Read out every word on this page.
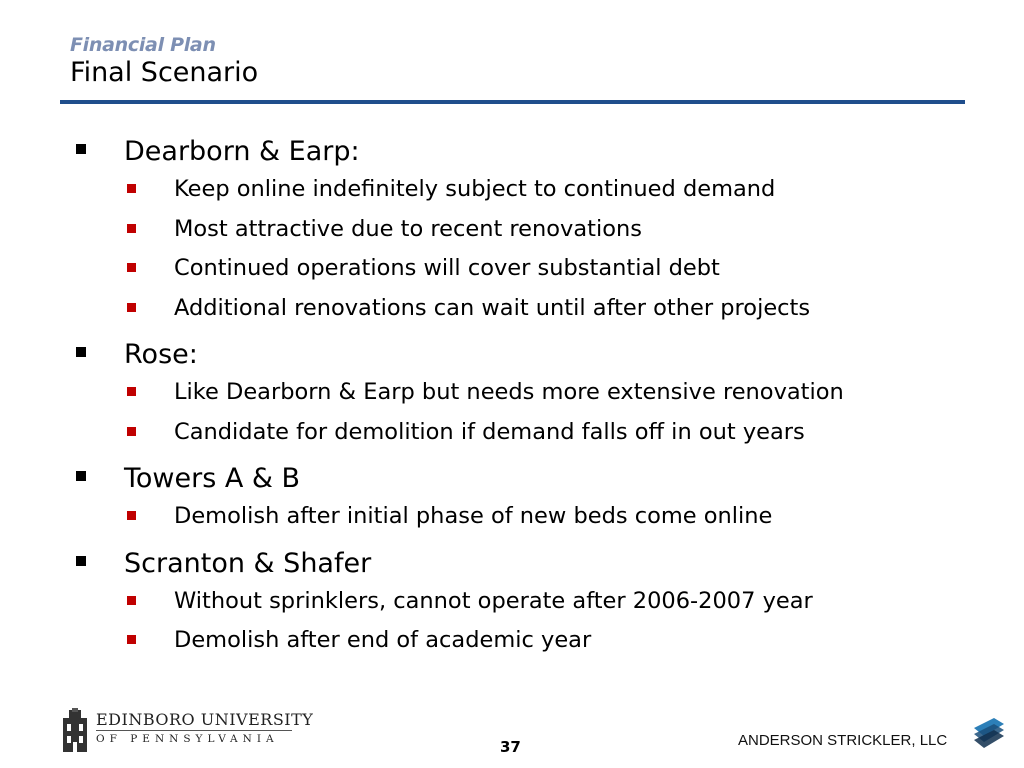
Financial Plan
Final Scenario
Dearborn & Earp:
Keep online indefinitely subject to continued demand
Most attractive due to recent renovations
Continued operations will cover substantial debt
Additional renovations can wait until after other projects
Rose:
Like Dearborn & Earp but needs more extensive renovation
Candidate for demolition if demand falls off in out years
Towers A & B
Demolish after initial phase of new beds come online
Scranton & Shafer
Without sprinklers, cannot operate after 2006-2007 year
Demolish after end of academic year
EDINBORO UNIVERSITY
OF PENNSYLVANIA	37	ANDERSON STRICKLER, LLC
